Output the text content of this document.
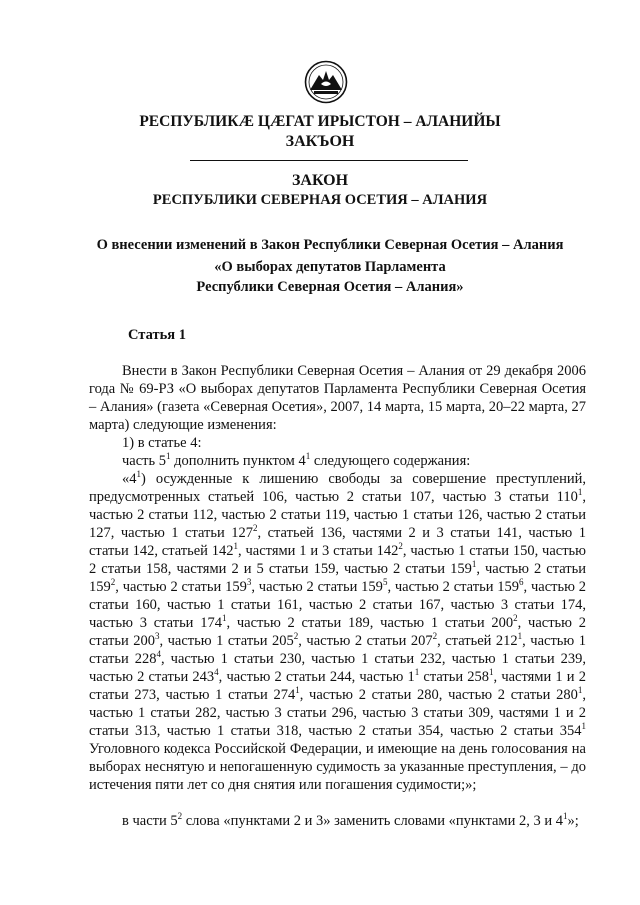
РЕСПУБЛИКӔ ЦӔГАТ ИРЫСТОН – АЛАНИЙЫ
ЗАКЪОН
ЗАКОН
РЕСПУБЛИКИ СЕВЕРНАЯ ОСЕТИЯ – АЛАНИЯ
О внесении изменений в Закон Республики Северная Осетия – Алания
«О выборах депутатов Парламента
Республики Северная Осетия – Алания»
Статья 1
Внести в Закон Республики Северная Осетия – Алания от 29 декабря 2006 года № 69-РЗ «О выборах депутатов Парламента Республики Северная Осетия – Алания» (газета «Северная Осетия», 2007, 14 марта, 15 марта, 20–22 марта, 27 марта) следующие изменения:
1) в статье 4:
часть $5^1$ дополнить пунктом $4^1$ следующего содержания:
«$4^1$) осужденные к лишению свободы за совершение преступлений, предусмотренных статьей 106, частью 2 статьи 107, частью 3 статьи $110^1$, частью 2 статьи 112, частью 2 статьи 119, частью 1 статьи 126, частью 2 статьи 127, частью 1 статьи $127^2$, статьей 136, частями 2 и 3 статьи 141, частью 1 статьи 142, статьей $142^1$, частями 1 и 3 статьи $142^2$, частью 1 статьи 150, частью 2 статьи 158, частями 2 и 5 статьи 159, частью 2 статьи $159^1$, частью 2 статьи $159^2$, частью 2 статьи $159^3$, частью 2 статьи $159^5$, частью 2 статьи $159^6$, частью 2 статьи 160, частью 1 статьи 161, частью 2 статьи 167, частью 3 статьи 174, частью 3 статьи $174^1$, частью 2 статьи 189, частью 1 статьи $200^2$, частью 2 статьи $200^3$, частью 1 статьи $205^2$, частью 2 статьи $207^2$, статьей $212^1$, частью 1 статьи $228^4$, частью 1 статьи 230, частью 1 статьи 232, частью 1 статьи 239, частью 2 статьи $243^4$, частью 2 статьи 244, частью $1^1$ статьи $258^1$, частями 1 и 2 статьи 273, частью 1 статьи $274^1$, частью 2 статьи 280, частью 2 статьи $280^1$, частью 1 статьи 282, частью 3 статьи 296, частью 3 статьи 309, частями 1 и 2 статьи 313, частью 1 статьи 318, частью 2 статьи 354, частью 2 статьи $354^1$ Уголовного кодекса Российской Федерации, и имеющие на день голосования на выборах неснятую и непогашенную судимость за указанные преступления, – до истечения пяти лет со дня снятия или погашения судимости;»;
в части $5^2$ слова «пунктами 2 и 3» заменить словами «пунктами 2, 3 и $4^1$»;
